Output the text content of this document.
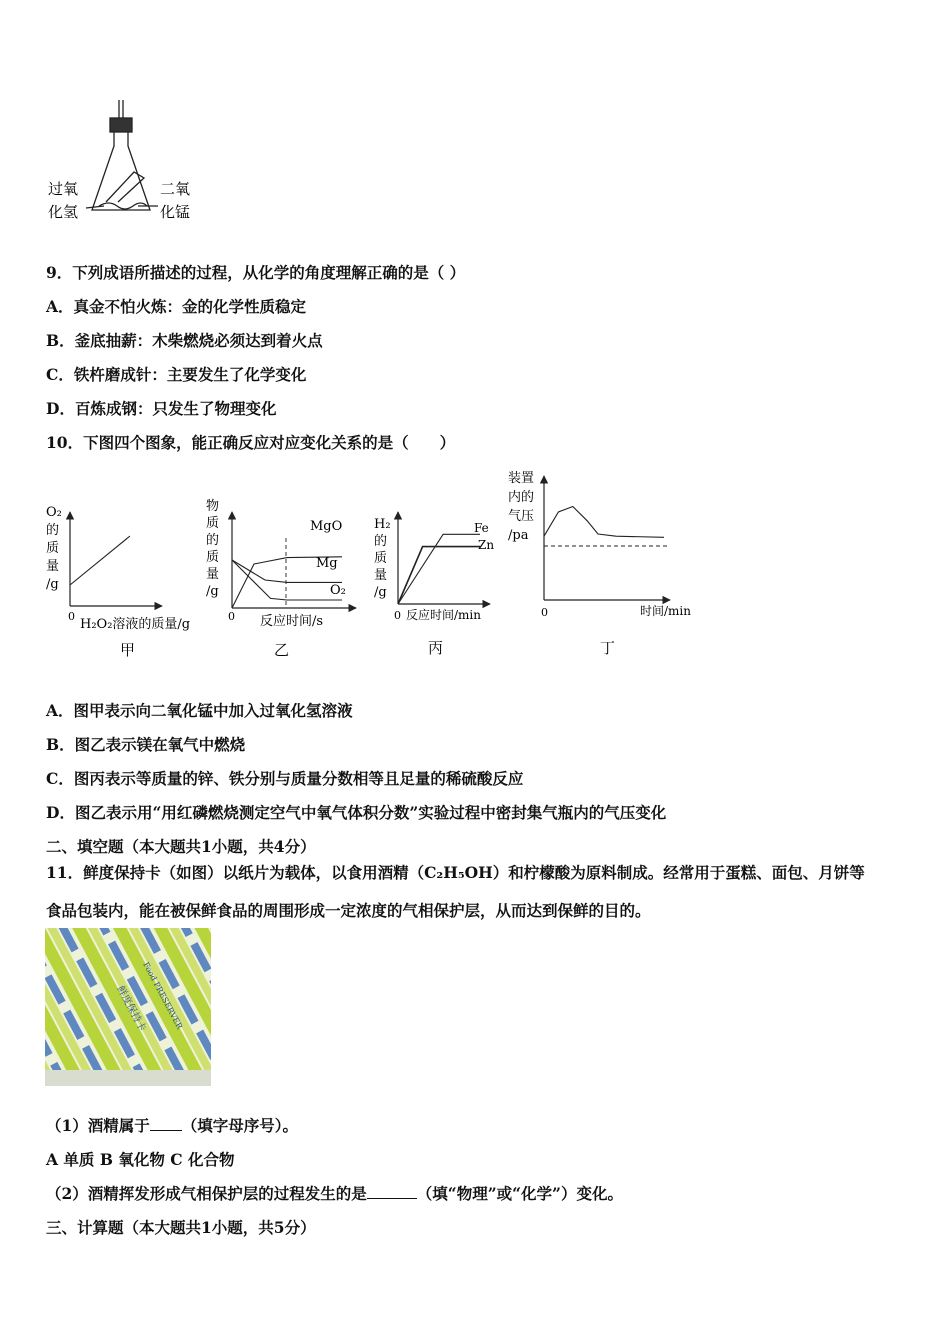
过氧
化氢
二氧
化锰
9．下列成语所描述的过程，从化学的角度理解正确的是（ ）
A．真金不怕火炼：金的化学性质稳定
B．釜底抽薪：木柴燃烧必须达到着火点
C．铁杵磨成针：主要发生了化学变化
D．百炼成钢：只发生了物理变化
10．下图四个图象，能正确反应对应变化关系的是（　　）
O₂
的
质
量
/g
0
H₂O₂溶液的质量/g
甲
MgO
Mg
O₂
物
质
的
质
量
/g
0 反应时间/s
乙
Fe
Zn
H₂
的
质
量
/g
0 反应时间/min
丙
装置
内的
气压
/pa
0	时间/min
丁
A．图甲表示向二氧化锰中加入过氧化氢溶液
B．图乙表示镁在氧气中燃烧
C．图丙表示等质量的锌、铁分别与质量分数相等且足量的稀硫酸反应
D．图乙表示用“用红磷燃烧测定空气中氧气体积分数”实验过程中密封集气瓶内的气压变化
二、填空题（本大题共1小题，共4分）
11．鲜度保持卡（如图）以纸片为载体，以食用酒精（C₂H₅OH）和柠檬酸为原料制成。经常用于蛋糕、面包、月饼等
食品包装内，能在被保鲜食品的周围形成一定浓度的气相保护层，从而达到保鲜的目的。
鲜度保持卡
Food PRESERVER
（1）酒精属于 （填字母序号）。
A 单质 B 氧化物 C 化合物
（2）酒精挥发形成气相保护层的过程发生的是	（填“物理”或“化学”）变化。
三、计算题（本大题共1小题，共5分）
